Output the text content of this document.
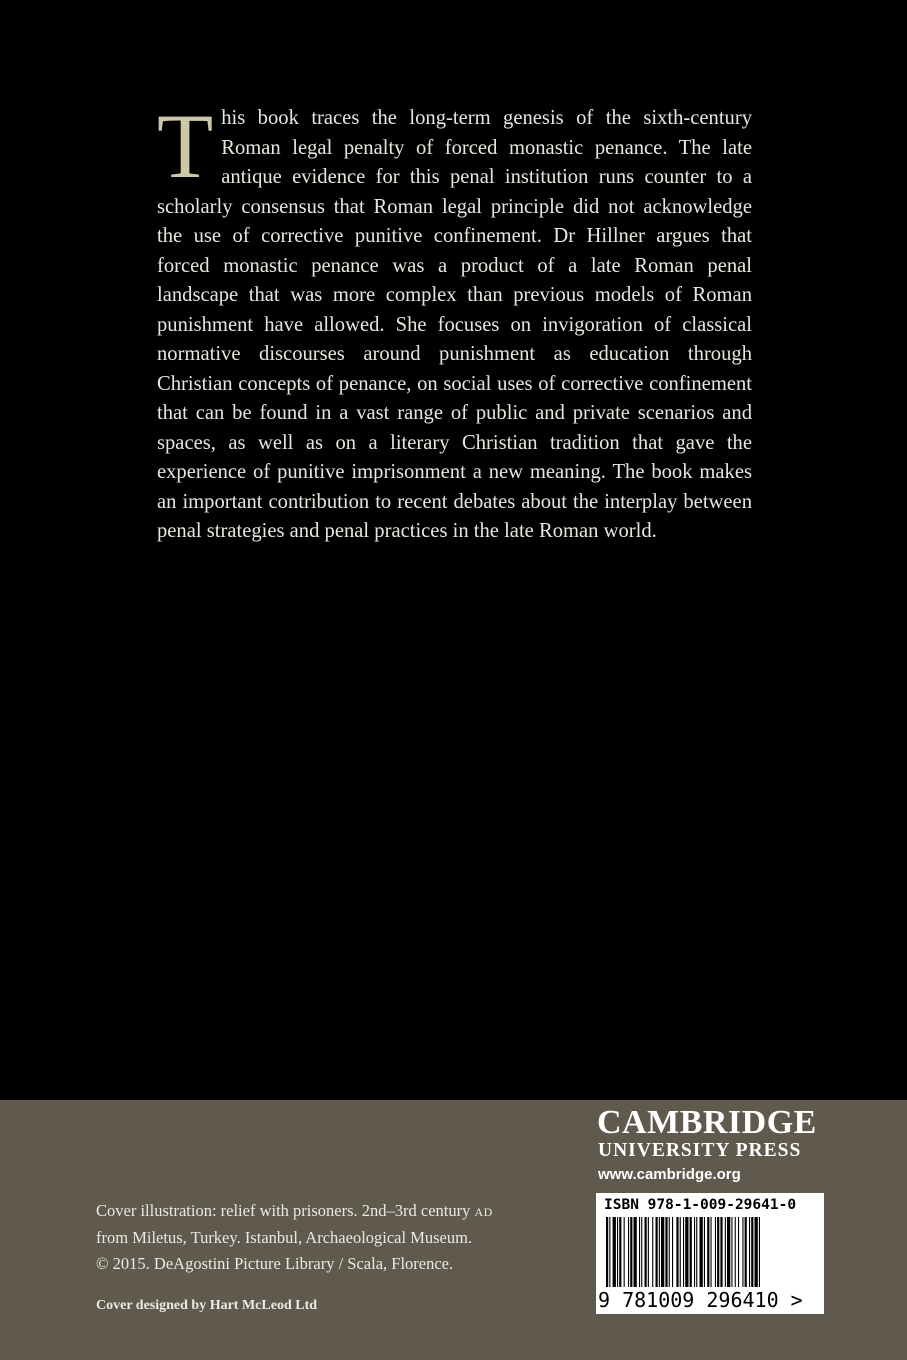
This book traces the long-term genesis of the sixth-century Roman legal penalty of forced monastic penance. The late antique evidence for this penal institution runs counter to a scholarly consensus that Roman legal principle did not acknowledge the use of corrective punitive confinement. Dr Hillner argues that forced monastic penance was a product of a late Roman penal landscape that was more complex than previous models of Roman punishment have allowed. She focuses on invigoration of classical normative discourses around punishment as education through Christian concepts of penance, on social uses of corrective confinement that can be found in a vast range of public and private scenarios and spaces, as well as on a literary Christian tradition that gave the experience of punitive imprisonment a new meaning. The book makes an important contribution to recent debates about the interplay between penal strategies and penal practices in the late Roman world.

Cover illustration: relief with prisoners. 2nd–3rd century AD
from Miletus, Turkey. Istanbul, Archaeological Museum.
© 2015. DeAgostini Picture Library / Scala, Florence.
Cover designed by Hart McLeod Ltd
CAMBRIDGE
UNIVERSITY PRESS
www.cambridge.org
ISBN 978-1-009-29641-0
9 781009 296410 >
